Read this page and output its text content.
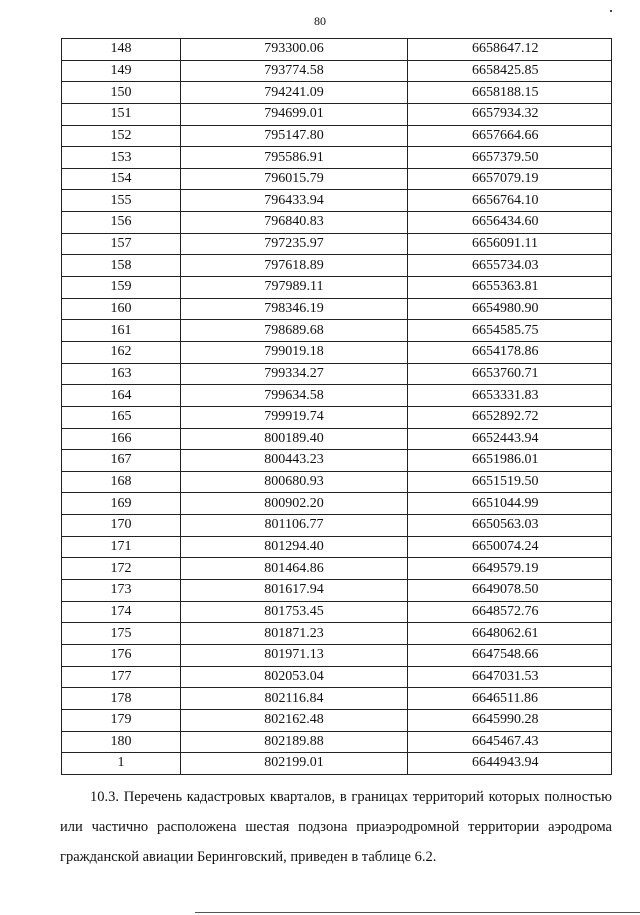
80
148	793300.06	6658647.12
149	793774.58	6658425.85
150	794241.09	6658188.15
151	794699.01	6657934.32
152	795147.80	6657664.66
153	795586.91	6657379.50
154	796015.79	6657079.19
155	796433.94	6656764.10
156	796840.83	6656434.60
157	797235.97	6656091.11
158	797618.89	6655734.03
159	797989.11	6655363.81
160	798346.19	6654980.90
161	798689.68	6654585.75
162	799019.18	6654178.86
163	799334.27	6653760.71
164	799634.58	6653331.83
165	799919.74	6652892.72
166	800189.40	6652443.94
167	800443.23	6651986.01
168	800680.93	6651519.50
169	800902.20	6651044.99
170	801106.77	6650563.03
171	801294.40	6650074.24
172	801464.86	6649579.19
173	801617.94	6649078.50
174	801753.45	6648572.76
175	801871.23	6648062.61
176	801971.13	6647548.66
177	802053.04	6647031.53
178	802116.84	6646511.86
179	802162.48	6645990.28
180	802189.88	6645467.43
1	802199.01	6644943.94

10.3. Перечень кадастровых кварталов, в границах территорий которых полностью или частично расположена шестая подзона приаэродромной территории аэродрома гражданской авиации Беринговский, приведен в таблице 6.2.
